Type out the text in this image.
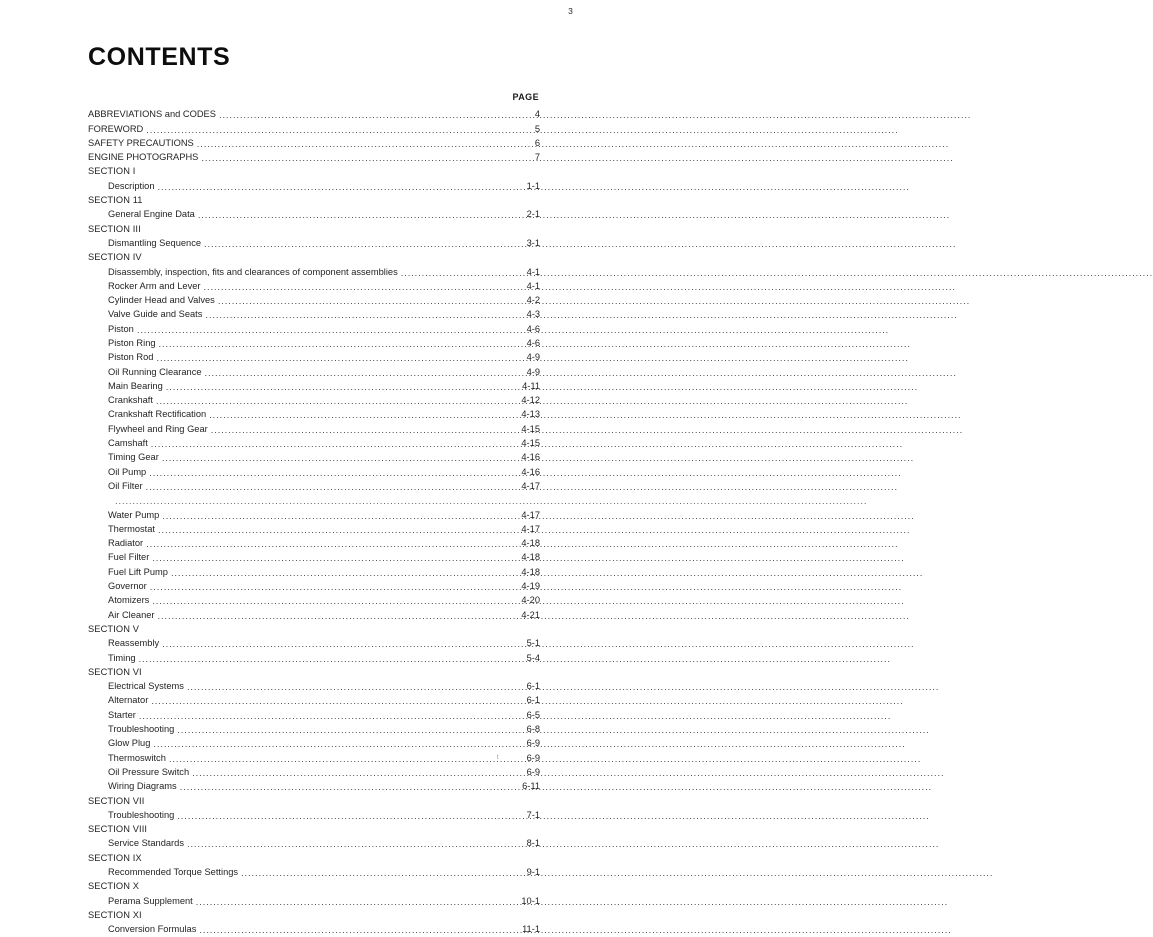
3
CONTENTS
PAGE
ABBREVIATIONS and CODES .....	4
FOREWORD .....	5
SAFETY PRECAUTIONS .....	6
ENGINE PHOTOGRAPHS .....	7
SECTION I
Description .....	1-1
SECTION 11
General Engine Data .....	2-1
SECTION III
Dismantling Sequence .....	3-1
SECTION IV
Disassembly, inspection, fits and clearances of component assemblies .....	4-1
Rocker Arm and Lever .....	4-1
Cylinder Head and Valves .....	4-2
Valve Guide and Seats .....	4-3
Piston .....	4-6
Piston Ring .....	4-6
Piston Rod .....	4-9
Oil Running Clearance .....	4-9
Main Bearing .....	4-11
Crankshaft .....	4-12
Crankshaft Rectification .....	4-13
Flywheel and Ring Gear .....	4-15
Camshaft .....	4-15
Timing Gear .....	4-16
Oil Pump .....	4-16
Oil Filter .....	4-17
.....
Water Pump .....	4-17
Thermostat .....	4-17
Radiator .....	4-18
Fuel Filter .....	4-18
Fuel Lift Pump .....	4-18
Governor .....	4-19
Atomizers .....	4-20
Air Cleaner .....	4-21
SECTION V
Reassembly .....	5-1
Timing .....	5-4
SECTION VI
Electrical Systems .....	6-1
Alternator .....	6-1
Starter .....	6-5
Troubleshooting .....	6-8
Glow Plug .....	6-9
Thermoswitch .....	6-9
Oil Pressure Switch .....	6-9
Wiring Diagrams .....	6-11
SECTION VII
Troubleshooting .....	7-1
SECTION VIII
Service Standards .....	8-1
SECTION IX
Recommended Torque Settings .....	9-1
SECTION X
Perama Supplement .....	10-1
SECTION XI
Conversion Formulas .....	11-1
t
